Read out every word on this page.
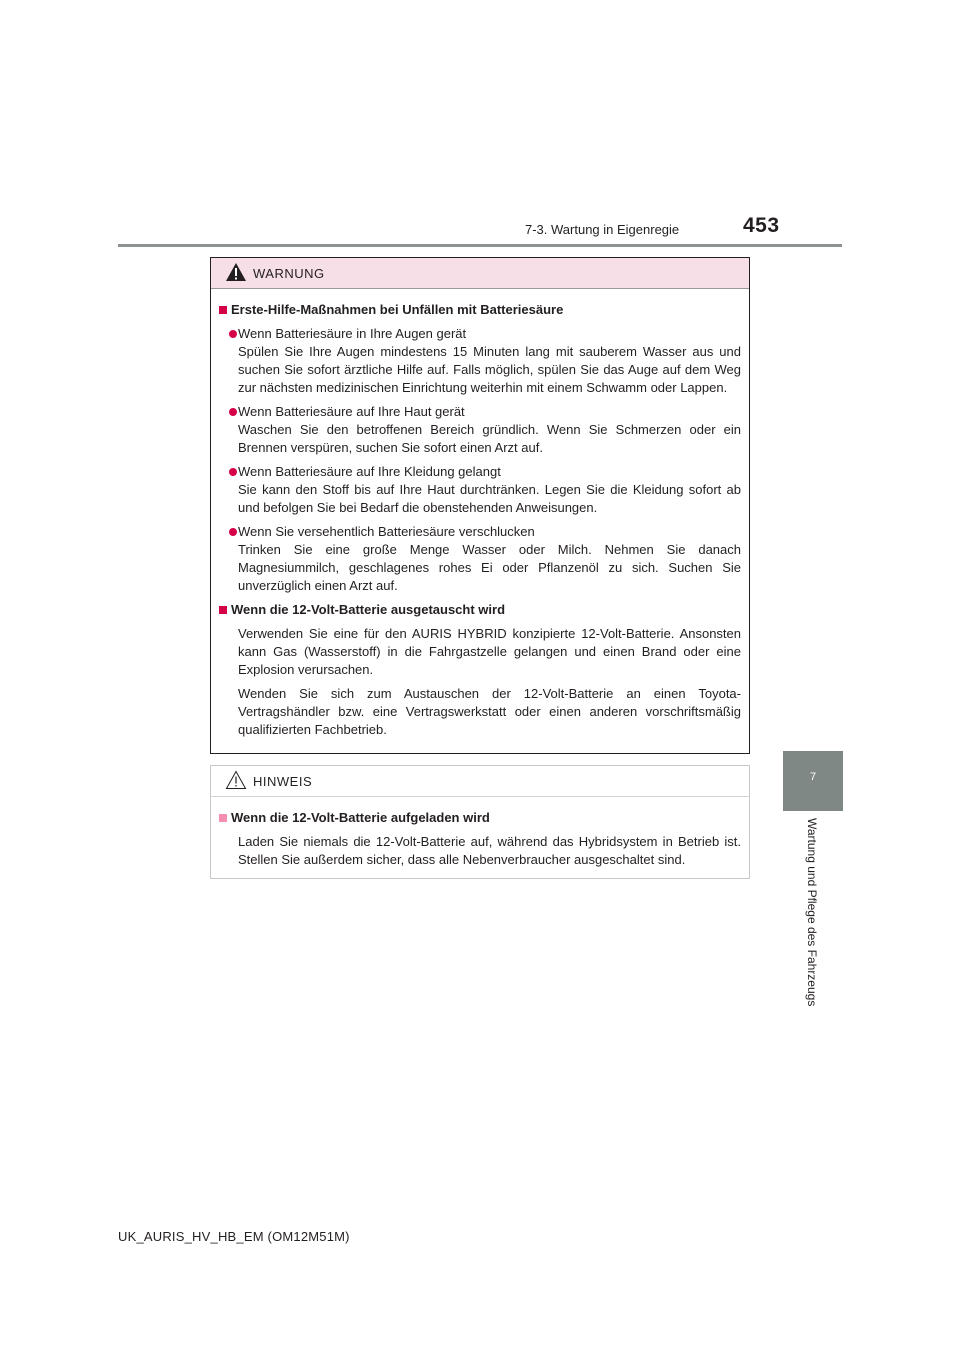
7-3. Wartung in Eigenregie	453
7
Wartung und Pflege des Fahrzeugs
WARNUNG
Erste-Hilfe-Maßnahmen bei Unfällen mit Batteriesäure
Wenn Batteriesäure in Ihre Augen gerät
Spülen Sie Ihre Augen mindestens 15 Minuten lang mit sauberem Wasser aus und suchen Sie sofort ärztliche Hilfe auf. Falls möglich, spülen Sie das Auge auf dem Weg zur nächsten medizinischen Einrichtung weiterhin mit einem Schwamm oder Lappen.
Wenn Batteriesäure auf Ihre Haut gerät
Waschen Sie den betroffenen Bereich gründlich. Wenn Sie Schmerzen oder ein Brennen verspüren, suchen Sie sofort einen Arzt auf.
Wenn Batteriesäure auf Ihre Kleidung gelangt
Sie kann den Stoff bis auf Ihre Haut durchtränken. Legen Sie die Kleidung sofort ab und befolgen Sie bei Bedarf die obenstehenden Anweisungen.
Wenn Sie versehentlich Batteriesäure verschlucken
Trinken Sie eine große Menge Wasser oder Milch. Nehmen Sie danach Magnesiummilch, geschlagenes rohes Ei oder Pflanzenöl zu sich. Suchen Sie unverzüglich einen Arzt auf.
Wenn die 12-Volt-Batterie ausgetauscht wird
Verwenden Sie eine für den AURIS HYBRID konzipierte 12-Volt-Batterie. Ansonsten kann Gas (Wasserstoff) in die Fahrgastzelle gelangen und einen Brand oder eine Explosion verursachen.
Wenden Sie sich zum Austauschen der 12-Volt-Batterie an einen Toyota-Vertragshändler bzw. eine Vertragswerkstatt oder einen anderen vorschriftsmäßig qualifizierten Fachbetrieb.
HINWEIS
Wenn die 12-Volt-Batterie aufgeladen wird
Laden Sie niemals die 12-Volt-Batterie auf, während das Hybridsystem in Betrieb ist. Stellen Sie außerdem sicher, dass alle Nebenverbraucher ausgeschaltet sind.
UK_AURIS_HV_HB_EM (OM12M51M)
